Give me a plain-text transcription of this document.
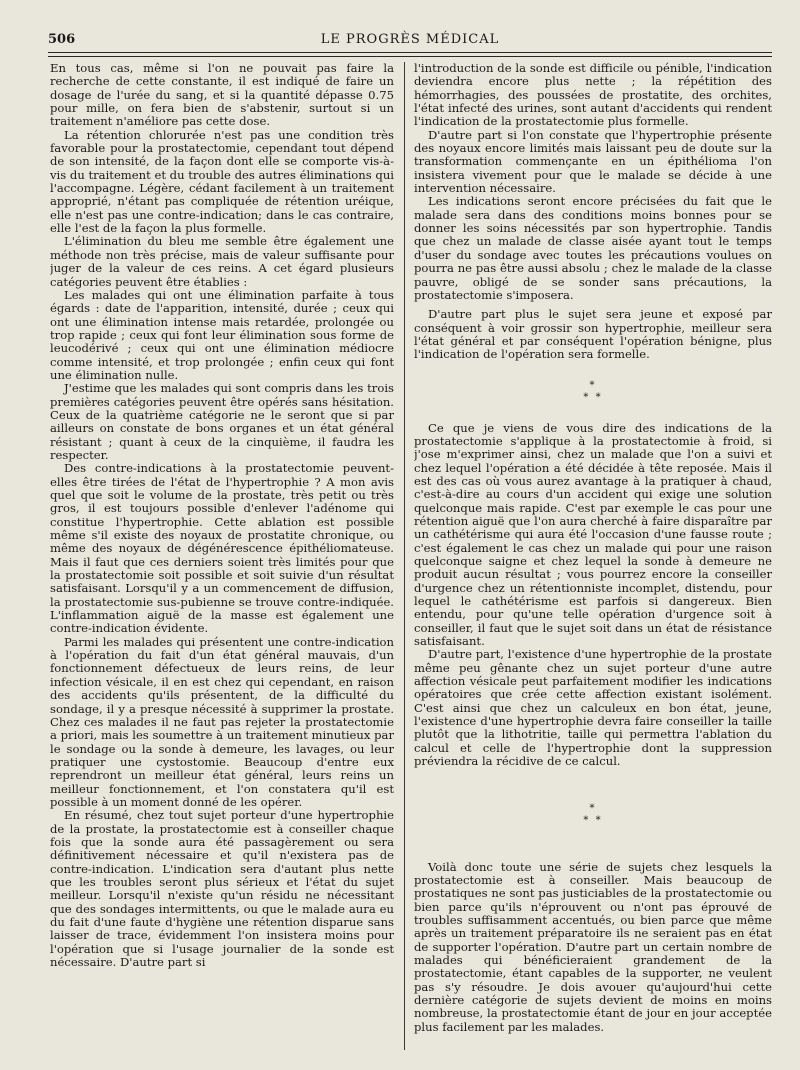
506	LE PROGRÈS MÉDICAL

En tous cas, même si l'on ne pouvait pas faire la recherche de cette constante, il est indiqué de faire un dosage de l'urée du sang, et si la quantité dépasse 0.75 pour mille, on fera bien de s'abstenir, surtout si un traitement n'améliore pas cette dose.

La rétention chlorurée n'est pas une condition très favorable pour la prostatectomie, cependant tout dépend de son intensité, de la façon dont elle se comporte vis-à-vis du traitement et du trouble des autres éliminations qui l'accompagne. Légère, cédant facilement à un traitement approprié, n'étant pas compliquée de rétention uréique, elle n'est pas une contre-indication; dans le cas contraire, elle l'est de la façon la plus formelle.

L'élimination du bleu me semble être également une méthode non très précise, mais de valeur suffisante pour juger de la valeur de ces reins. A cet égard plusieurs catégories peuvent être établies :

Les malades qui ont une élimination parfaite à tous égards : date de l'apparition, intensité, durée ; ceux qui ont une élimination intense mais retardée, prolongée ou trop rapide ; ceux qui font leur élimination sous forme de leucodérivé ; ceux qui ont une élimination médiocre comme intensité, et trop prolongée ; enfin ceux qui font une élimination nulle.

J'estime que les malades qui sont compris dans les trois premières catégories peuvent être opérés sans hésitation. Ceux de la quatrième catégorie ne le seront que si par ailleurs on constate de bons organes et un état général résistant ; quant à ceux de la cinquième, il faudra les respecter.

Des contre-indications à la prostatectomie peuvent-elles être tirées de l'état de l'hypertrophie ? A mon avis quel que soit le volume de la prostate, très petit ou très gros, il est toujours possible d'enlever l'adénome qui constitue l'hypertrophie. Cette ablation est possible même s'il existe des noyaux de prostatite chronique, ou même des noyaux de dégénérescence épithéliomateuse. Mais il faut que ces derniers soient très limités pour que la prostatectomie soit possible et soit suivie d'un résultat satisfaisant. Lorsqu'il y a un commencement de diffusion, la prostatectomie sus-pubienne se trouve contre-indiquée. L'inflammation aiguë de la masse est également une contre-indication évidente.

Parmi les malades qui présentent une contre-indication à l'opération du fait d'un état général mauvais, d'un fonctionnement défectueux de leurs reins, de leur infection vésicale, il en est chez qui cependant, en raison des accidents qu'ils présentent, de la difficulté du sondage, il y a presque nécessité à supprimer la prostate. Chez ces malades il ne faut pas rejeter la prostatectomie a priori, mais les soumettre à un traitement minutieux par le sondage ou la sonde à demeure, les lavages, ou leur pratiquer une cystostomie. Beaucoup d'entre eux reprendront un meilleur état général, leurs reins un meilleur fonctionnement, et l'on constatera qu'il est possible à un moment donné de les opérer.

En résumé, chez tout sujet porteur d'une hypertrophie de la prostate, la prostatectomie est à conseiller chaque fois que la sonde aura été passagèrement ou sera définitivement nécessaire et qu'il n'existera pas de contre-indication. L'indication sera d'autant plus nette que les troubles seront plus sérieux et l'état du sujet meilleur. Lorsqu'il n'existe qu'un résidu ne nécessitant que des sondages intermittents, ou que le malade aura eu du fait d'une faute d'hygiène une rétention disparue sans laisser de trace, évidemment l'on insistera moins pour l'opération que si l'usage journalier de la sonde est nécessaire. D'autre part si

l'introduction de la sonde est difficile ou pénible, l'indication deviendra encore plus nette ; la répétition des hémorrhagies, des poussées de prostatite, des orchites, l'état infecté des urines, sont autant d'accidents qui rendent l'indication de la prostatectomie plus formelle.

D'autre part si l'on constate que l'hypertrophie présente des noyaux encore limités mais laissant peu de doute sur la transformation commençante en un épithélioma l'on insistera vivement pour que le malade se décide à une intervention nécessaire.

Les indications seront encore précisées du fait que le malade sera dans des conditions moins bonnes pour se donner les soins nécessités par son hypertrophie. Tandis que chez un malade de classe aisée ayant tout le temps d'user du sondage avec toutes les précautions voulues on pourra ne pas être aussi absolu ; chez le malade de la classe pauvre, obligé de se sonder sans précautions, la prostatectomie s'imposera.

D'autre part plus le sujet sera jeune et exposé par conséquent à voir grossir son hypertrophie, meilleur sera l'état général et par conséquent l'opération bénigne, plus l'indication de l'opération sera formelle.

*
* *

Ce que je viens de vous dire des indications de la prostatectomie s'applique à la prostatectomie à froid, si j'ose m'exprimer ainsi, chez un malade que l'on a suivi et chez lequel l'opération a été décidée à tête reposée. Mais il est des cas où vous aurez avantage à la pratiquer à chaud, c'est-à-dire au cours d'un accident qui exige une solution quelconque mais rapide. C'est par exemple le cas pour une rétention aiguë que l'on aura cherché à faire disparaître par un cathétérisme qui aura été l'occasion d'une fausse route ; c'est également le cas chez un malade qui pour une raison quelconque saigne et chez lequel la sonde à demeure ne produit aucun résultat ; vous pourrez encore la conseiller d'urgence chez un rétentionniste incomplet, distendu, pour lequel le cathétérisme est parfois si dangereux. Bien entendu, pour qu'une telle opération d'urgence soit à conseiller, il faut que le sujet soit dans un état de résistance satisfaisant.

D'autre part, l'existence d'une hypertrophie de la prostate même peu gênante chez un sujet porteur d'une autre affection vésicale peut parfaitement modifier les indications opératoires que crée cette affection existant isolément. C'est ainsi que chez un calculeux en bon état, jeune, l'existence d'une hypertrophie devra faire conseiller la taille plutôt que la lithotritie, taille qui permettra l'ablation du calcul et celle de l'hypertrophie dont la suppression préviendra la récidive de ce calcul.

*
* *

Voilà donc toute une série de sujets chez lesquels la prostatectomie est à conseiller. Mais beaucoup de prostatiques ne sont pas justiciables de la prostatectomie ou bien parce qu'ils n'éprouvent ou n'ont pas éprouvé de troubles suffisamment accentués, ou bien parce que même après un traitement préparatoire ils ne seraient pas en état de supporter l'opération. D'autre part un certain nombre de malades qui bénéficieraient grandement de la prostatectomie, étant capables de la supporter, ne veulent pas s'y résoudre. Je dois avouer qu'aujourd'hui cette dernière catégorie de sujets devient de moins en moins nombreuse, la prostatectomie étant de jour en jour acceptée plus facilement par les malades.
